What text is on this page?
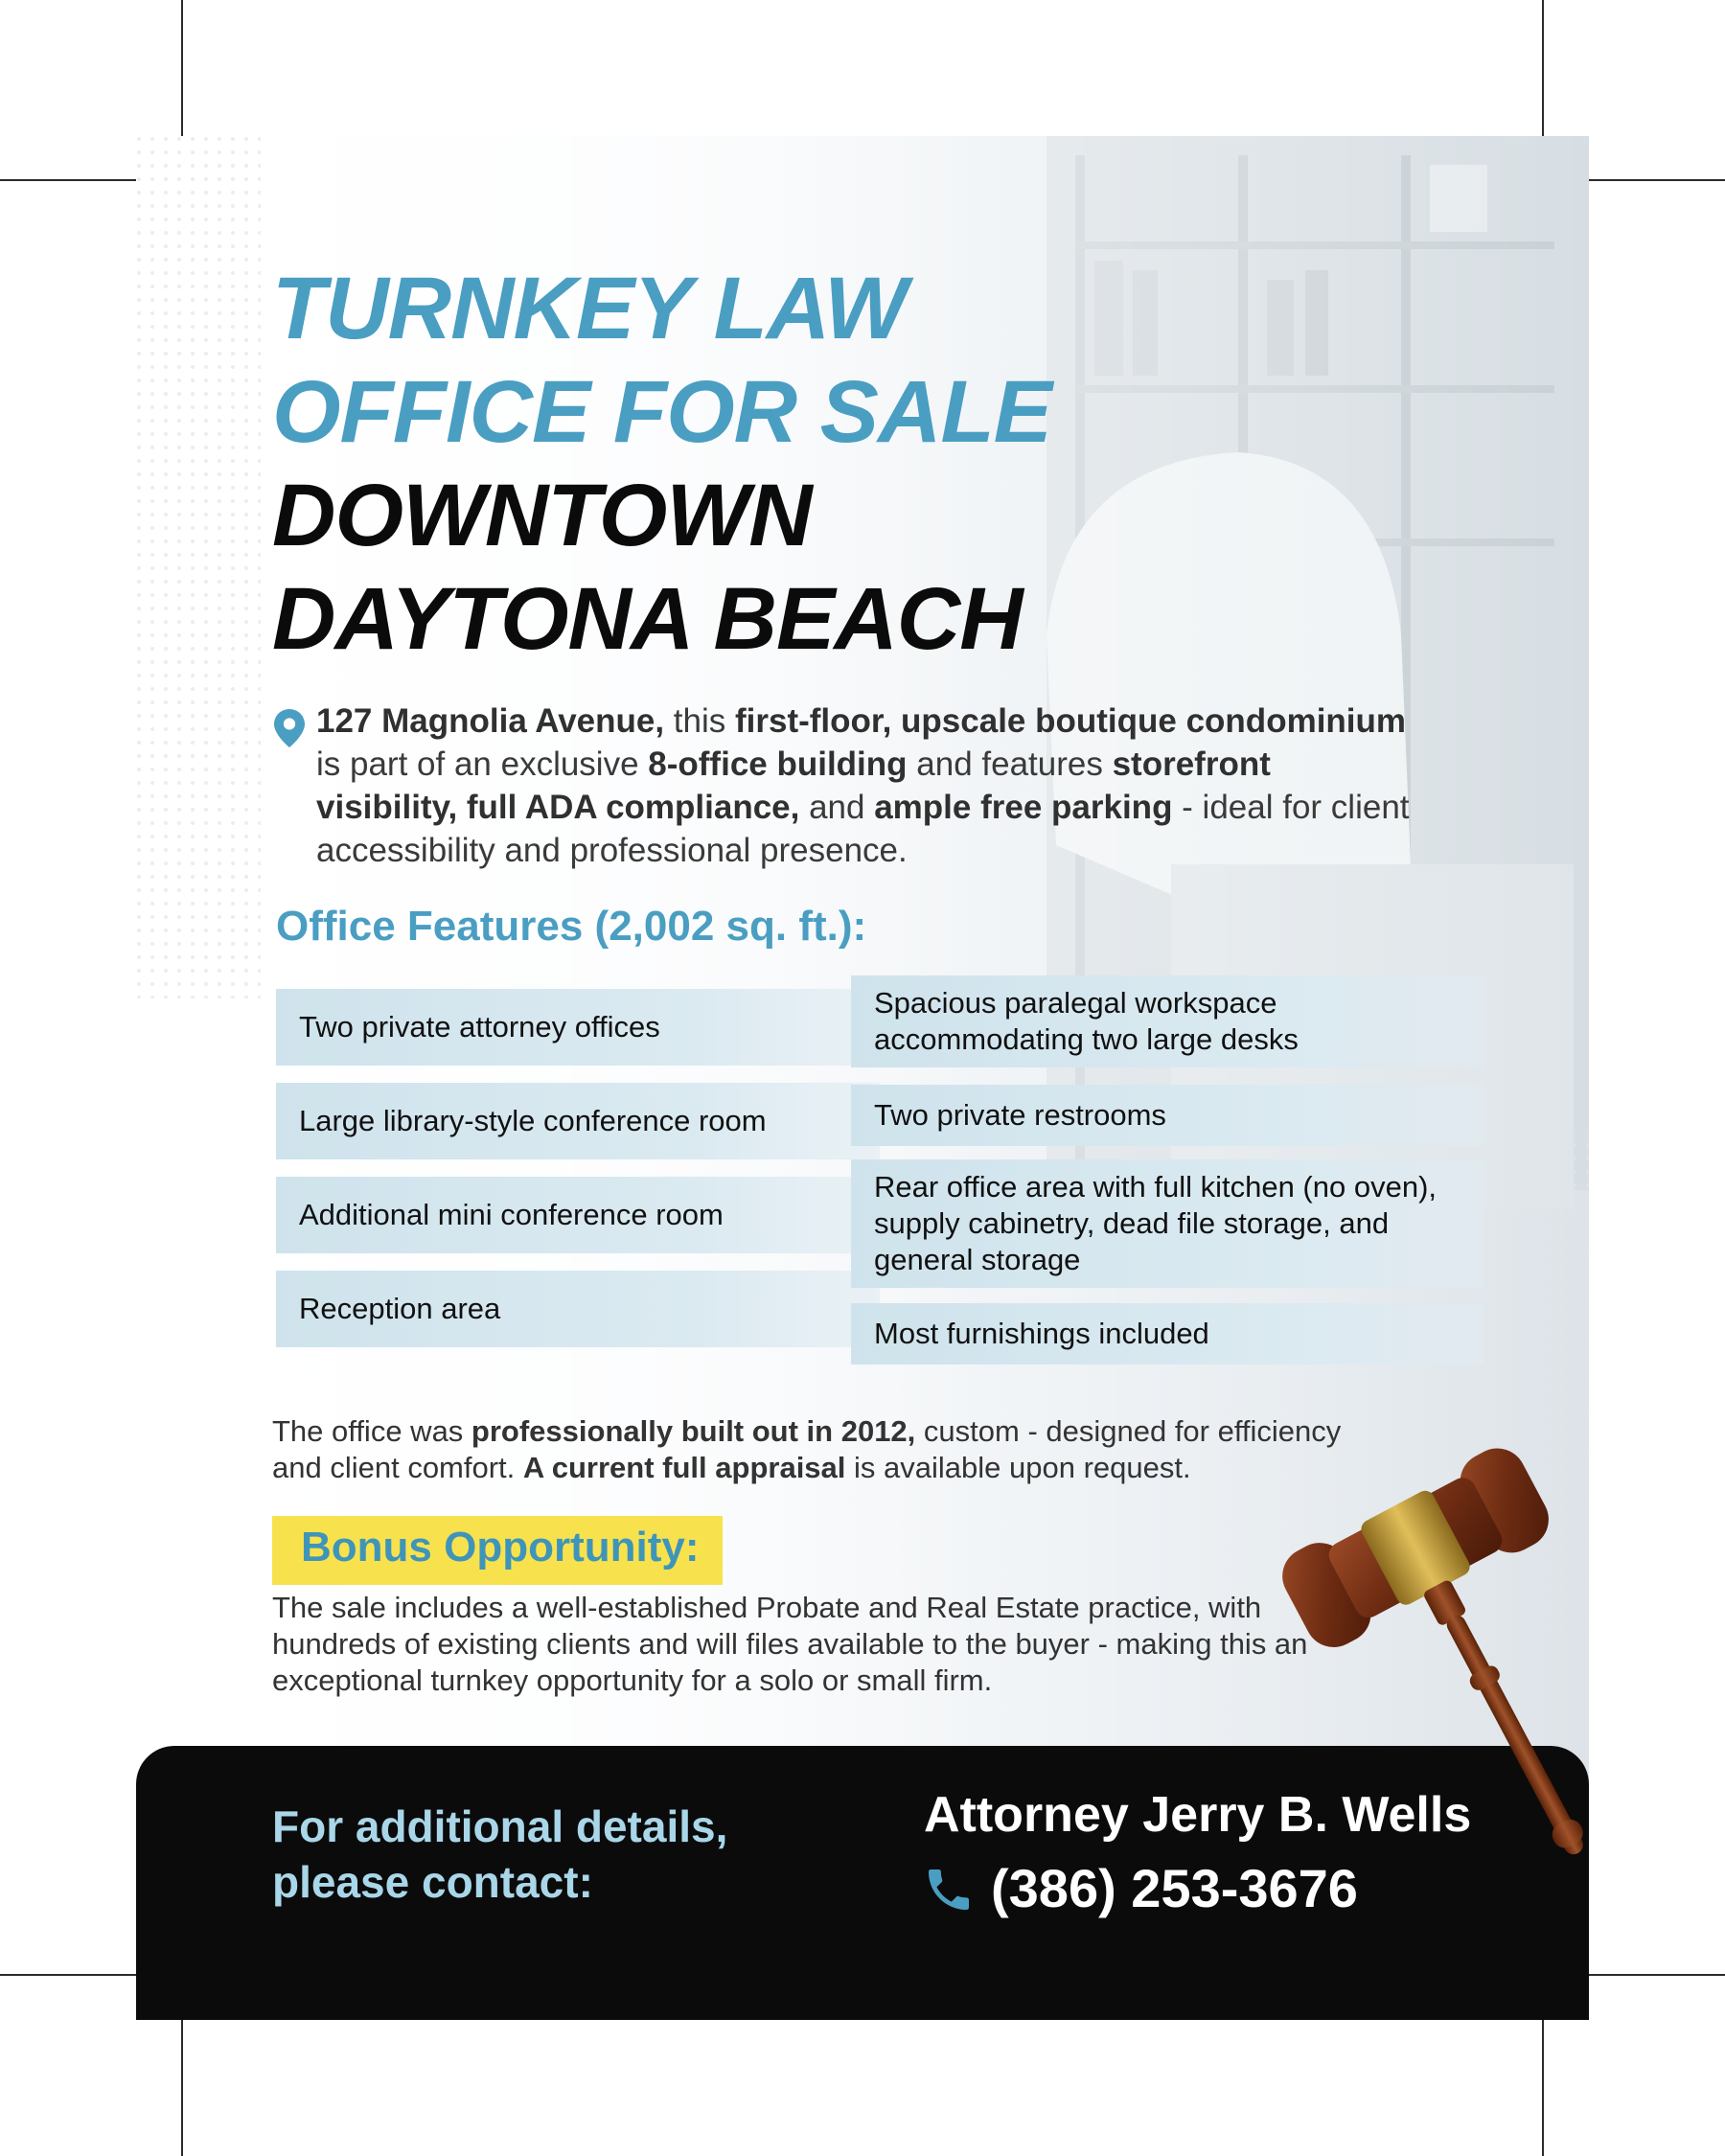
TURNKEY LAW
OFFICE FOR SALE
DOWNTOWN
DAYTONA BEACH

127 Magnolia Avenue, this first-floor, upscale boutique condominium is part of an exclusive 8-office building and features storefront visibility, full ADA compliance, and ample free parking - ideal for client accessibility and professional presence.

Office Features (2,002 sq. ft.):
Two private attorney offices
Large library-style conference room
Additional mini conference room
Reception area
Spacious paralegal workspace accommodating two large desks
Two private restrooms
Rear office area with full kitchen (no oven), supply cabinetry, dead file storage, and general storage
Most furnishings included

The office was professionally built out in 2012, custom - designed for efficiency and client comfort. A current full appraisal is available upon request.

Bonus Opportunity:

The sale includes a well-established Probate and Real Estate practice, with hundreds of existing clients and will files available to the buyer - making this an exceptional turnkey opportunity for a solo or small firm.

For additional details, please contact:

Attorney Jerry B. Wells

(386) 253-3676
